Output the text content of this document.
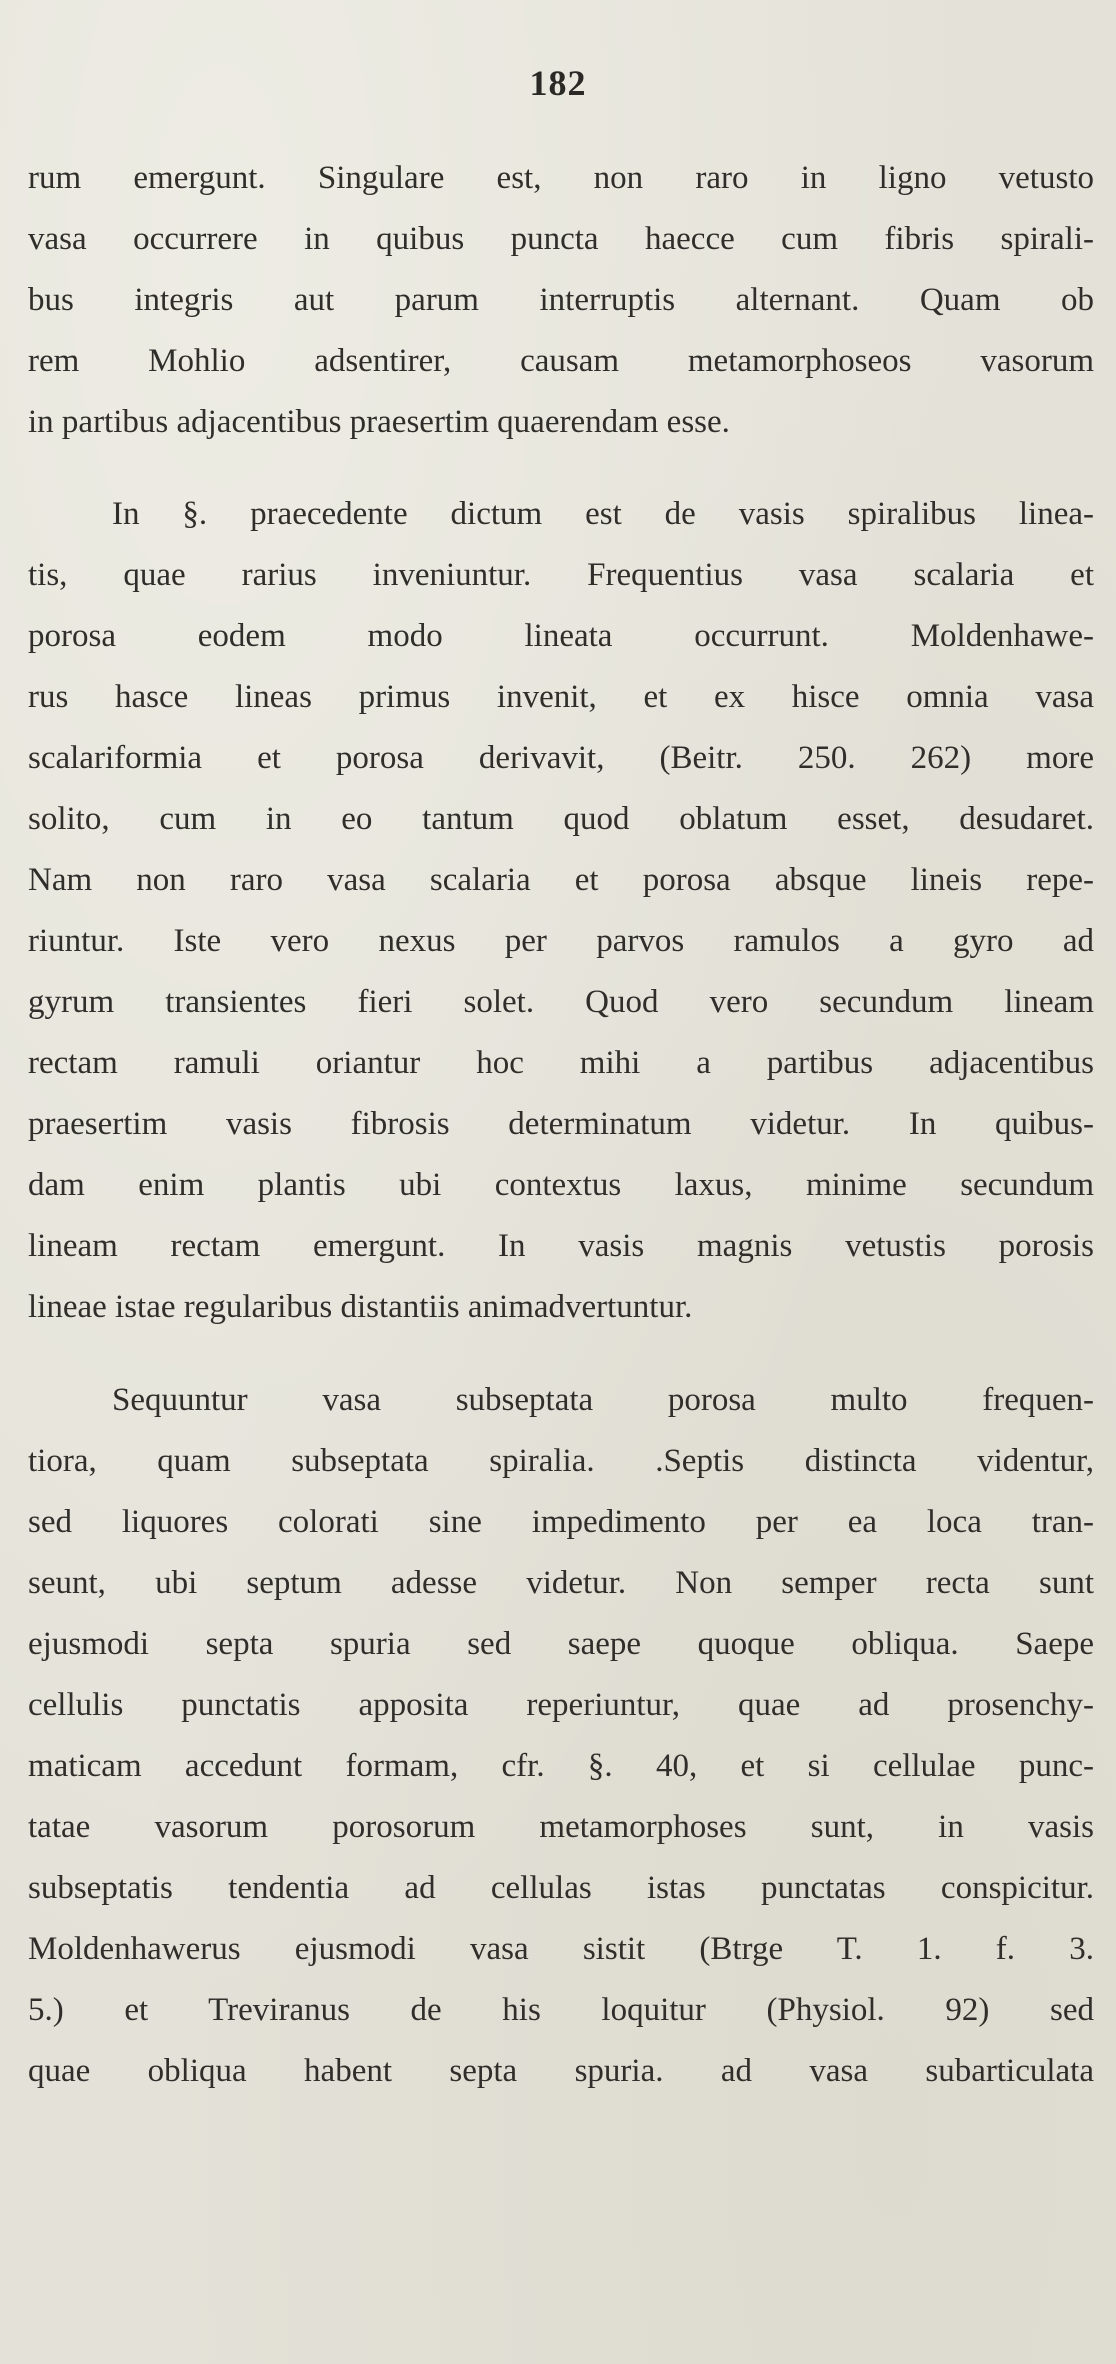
182
rum emergunt. Singulare est, non raro in ligno vetusto
vasa occurrere in quibus puncta haecce cum fibris spirali-
bus integris aut parum interruptis alternant. Quam ob
rem Mohlio adsentirer, causam metamorphoseos vasorum
in partibus adjacentibus praesertim quaerendam esse.
In §. praecedente dictum est de vasis spiralibus linea-
tis, quae rarius inveniuntur. Frequentius vasa scalaria et
porosa eodem modo lineata occurrunt. Moldenhawe-
rus hasce lineas primus invenit, et ex hisce omnia vasa
scalariformia et porosa derivavit, (Beitr. 250. 262) more
solito, cum in eo tantum quod oblatum esset, desudaret.
Nam non raro vasa scalaria et porosa absque lineis repe-
riuntur. Iste vero nexus per parvos ramulos a gyro ad
gyrum transientes fieri solet. Quod vero secundum lineam
rectam ramuli oriantur hoc mihi a partibus adjacentibus
praesertim vasis fibrosis determinatum videtur. In quibus-
dam enim plantis ubi contextus laxus, minime secundum
lineam rectam emergunt. In vasis magnis vetustis porosis
lineae istae regularibus distantiis animadvertuntur.
Sequuntur vasa subseptata porosa multo frequen-
tiora, quam subseptata spiralia. .Septis distincta videntur,
sed liquores colorati sine impedimento per ea loca tran-
seunt, ubi septum adesse videtur. Non semper recta sunt
ejusmodi septa spuria sed saepe quoque obliqua. Saepe
cellulis punctatis apposita reperiuntur, quae ad prosenchy-
maticam accedunt formam, cfr. §. 40, et si cellulae punc-
tatae vasorum porosorum metamorphoses sunt, in vasis
subseptatis tendentia ad cellulas istas punctatas conspicitur.
Moldenhawerus ejusmodi vasa sistit (Btrge T. 1. f. 3.
5.) et Treviranus de his loquitur (Physiol. 92) sed
quae obliqua habent septa spuria. ad vasa subarticulata
